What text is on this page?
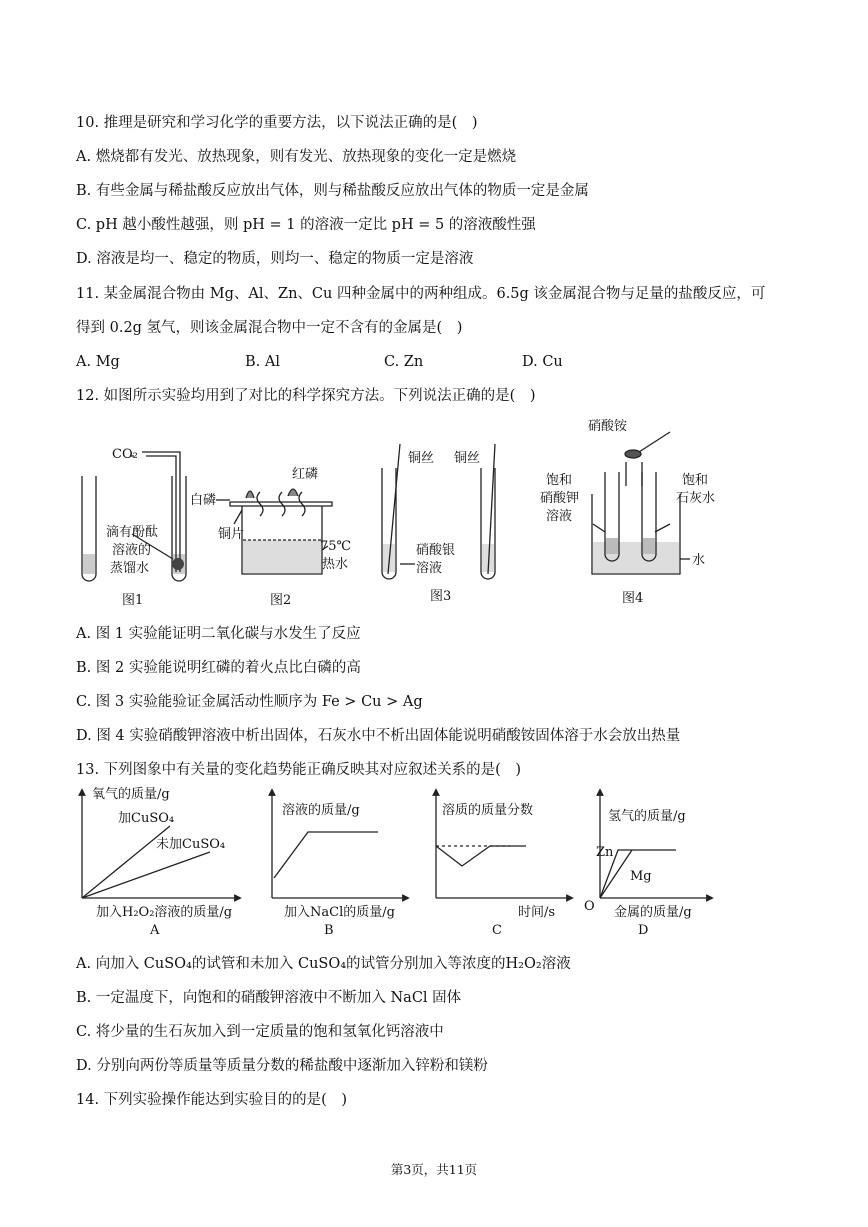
10. 推理是研究和学习化学的重要方法，以下说法正确的是(　)
A. 燃烧都有发光、放热现象，则有发光、放热现象的变化一定是燃烧
B. 有些金属与稀盐酸反应放出气体，则与稀盐酸反应放出气体的物质一定是金属
C. pH 越小酸性越强，则 pH = 1 的溶液一定比 pH = 5 的溶液酸性强
D. 溶液是均一、稳定的物质，则均一、稳定的物质一定是溶液
11. 某金属混合物由 Mg、Al、Zn、Cu 四种金属中的两种组成。6.5g 该金属混合物与足量的盐酸反应，可
得到 0.2g 氢气，则该金属混合物中一定不含有的金属是(　)
A. Mg	B. Al	C. Zn	D. Cu
12. 如图所示实验均用到了对比的科学探究方法。下列说法正确的是(　)
CO₂
滴有酚酞
溶液的
蒸馏水
图1
红磷
白磷
铜片
75℃
热水
图2
铜丝 铜丝
硝酸银
溶液
图3
硝酸铵
饱和
硝酸钾
溶液
饱和
石灰水
水
图4
A. 图 1 实验能证明二氧化碳与水发生了反应
B. 图 2 实验能说明红磷的着火点比白磷的高
C. 图 3 实验能验证金属活动性顺序为 Fe > Cu > Ag
D. 图 4 实验硝酸钾溶液中析出固体，石灰水中不析出固体能说明硝酸铵固体溶于水会放出热量
13. 下列图象中有关量的变化趋势能正确反映其对应叙述关系的是(　)
氧气的质量/g
加CuSO₄
未加CuSO₄
加入H₂O₂溶液的质量/g
A
溶液的质量/g
加入NaCl的质量/g
B
溶质的质量分数
时间/s
C
氢气的质量/g
Zn
Mg
O 金属的质量/g
D
A. 向加入 CuSO₄的试管和未加入 CuSO₄的试管分别加入等浓度的H₂O₂溶液
B. 一定温度下，向饱和的硝酸钾溶液中不断加入 NaCl 固体
C. 将少量的生石灰加入到一定质量的饱和氢氧化钙溶液中
D. 分别向两份等质量等质量分数的稀盐酸中逐渐加入锌粉和镁粉
14. 下列实验操作能达到实验目的的是(　)
第3页，共11页
